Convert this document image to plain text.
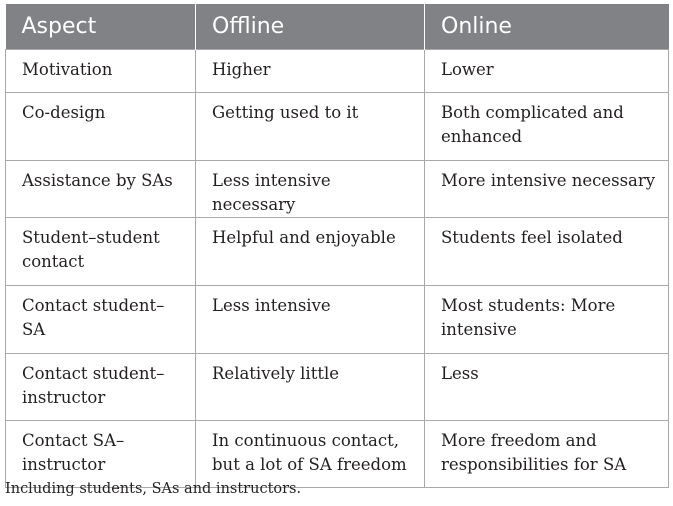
Aspect	Offline	Online
Motivation	Higher	Lower
Co-design	Getting used to it	Both complicated and enhanced
Assistance by SAs	Less intensive necessary	More intensive necessary
Student–student contact	Helpful and enjoyable	Students feel isolated
Contact student–SA	Less intensive	Most students: More intensive
Contact student–instructor	Relatively little	Less
Contact SA–instructor	In continuous contact, but a lot of SA freedom	More freedom and responsibilities for SA

Including students, SAs and instructors.
